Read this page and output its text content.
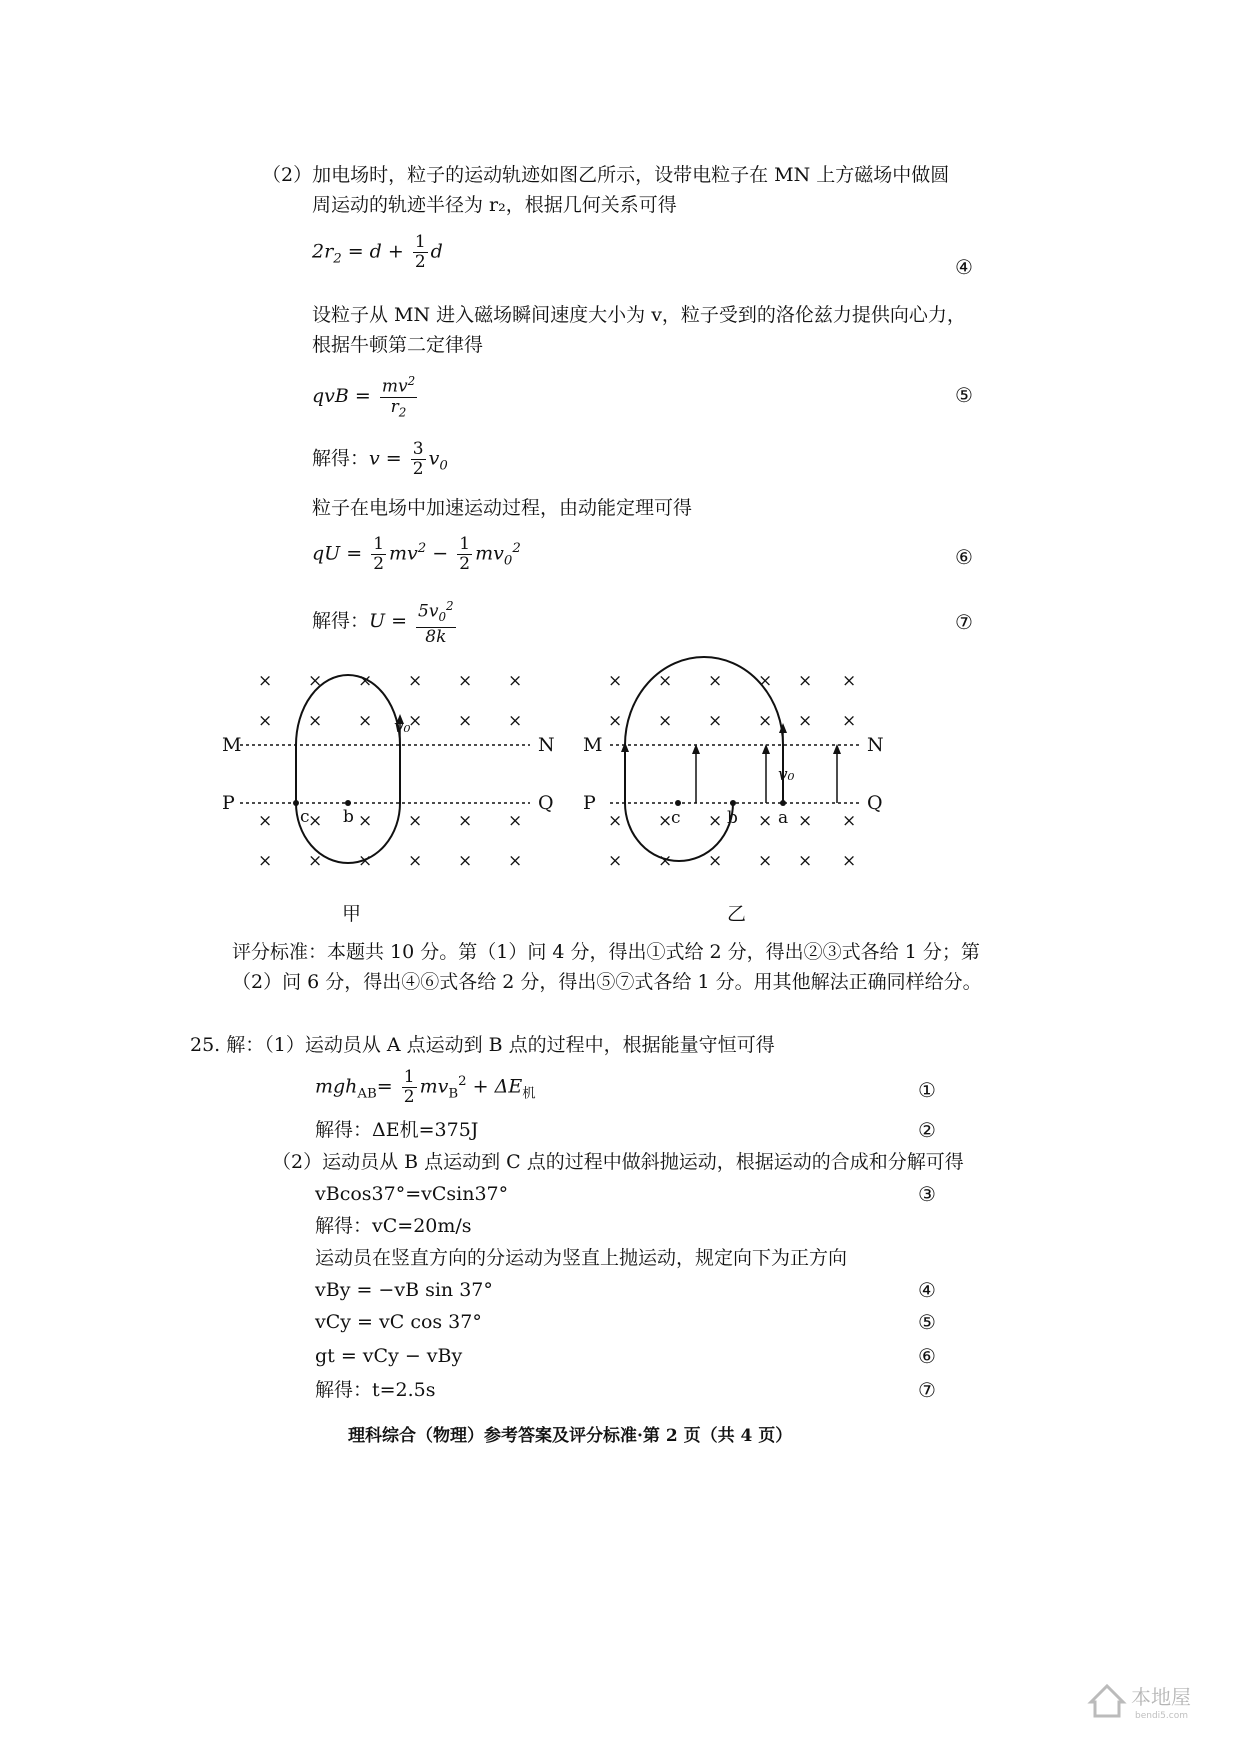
（2）加电场时，粒子的运动轨迹如图乙所示，设带电粒子在 MN 上方磁场中做圆
周运动的轨迹半径为 r₂，根据几何关系可得
$2r_2 = d + \frac{1}{2}$ d
④
设粒子从 MN 进入磁场瞬间速度大小为 v，粒子受到的洛伦兹力提供向心力，
根据牛顿第二定律得
qvB = $\frac{mv^2}{r_2}$	⑤
解得：$v = \frac{3}{2} v_0$
粒子在电场中加速运动过程，由动能定理可得
qU = $\frac{1}{2} mv^2 - \frac{1}{2} mv_0^2$	⑥
解得：$U = \frac{5v_0^2}{8k}$	⑦
× × × × × ×
× × × × × ×
× × × × × ×
× × × × × ×
M	N
P	Q
c b
v₀
甲
× × × × × ×
× × × × × ×
× × × × × ×
× × × × × ×
M	N
P	Q
c	b a
v₀
乙
评分标准：本题共 10 分。第（1）问 4 分，得出①式给 2 分，得出②③式各给 1 分；第
（2）问 6 分，得出④⑥式各给 2 分，得出⑤⑦式各给 1 分。用其他解法正确同样给分。
25. 解：（1）运动员从 A 点运动到 B 点的过程中，根据能量守恒可得
$mgh_{AB}= \frac{1}{2} mv_B^2 + \Delta E_机$	①
解得：ΔE机=375J	②
（2）运动员从 B 点运动到 C 点的过程中做斜抛运动，根据运动的合成和分解可得
vBcos37°=vCsin37°	③
解得：vC=20m/s
运动员在竖直方向的分运动为竖直上抛运动，规定向下为正方向
vBy = −vB sin 37°	④
vCy = vC cos 37°	⑤
gt = vCy − vBy	⑥
解得：t=2.5s	⑦
理科综合（物理）参考答案及评分标准·第 2 页（共 4 页）
本地屋
bendi5.com
